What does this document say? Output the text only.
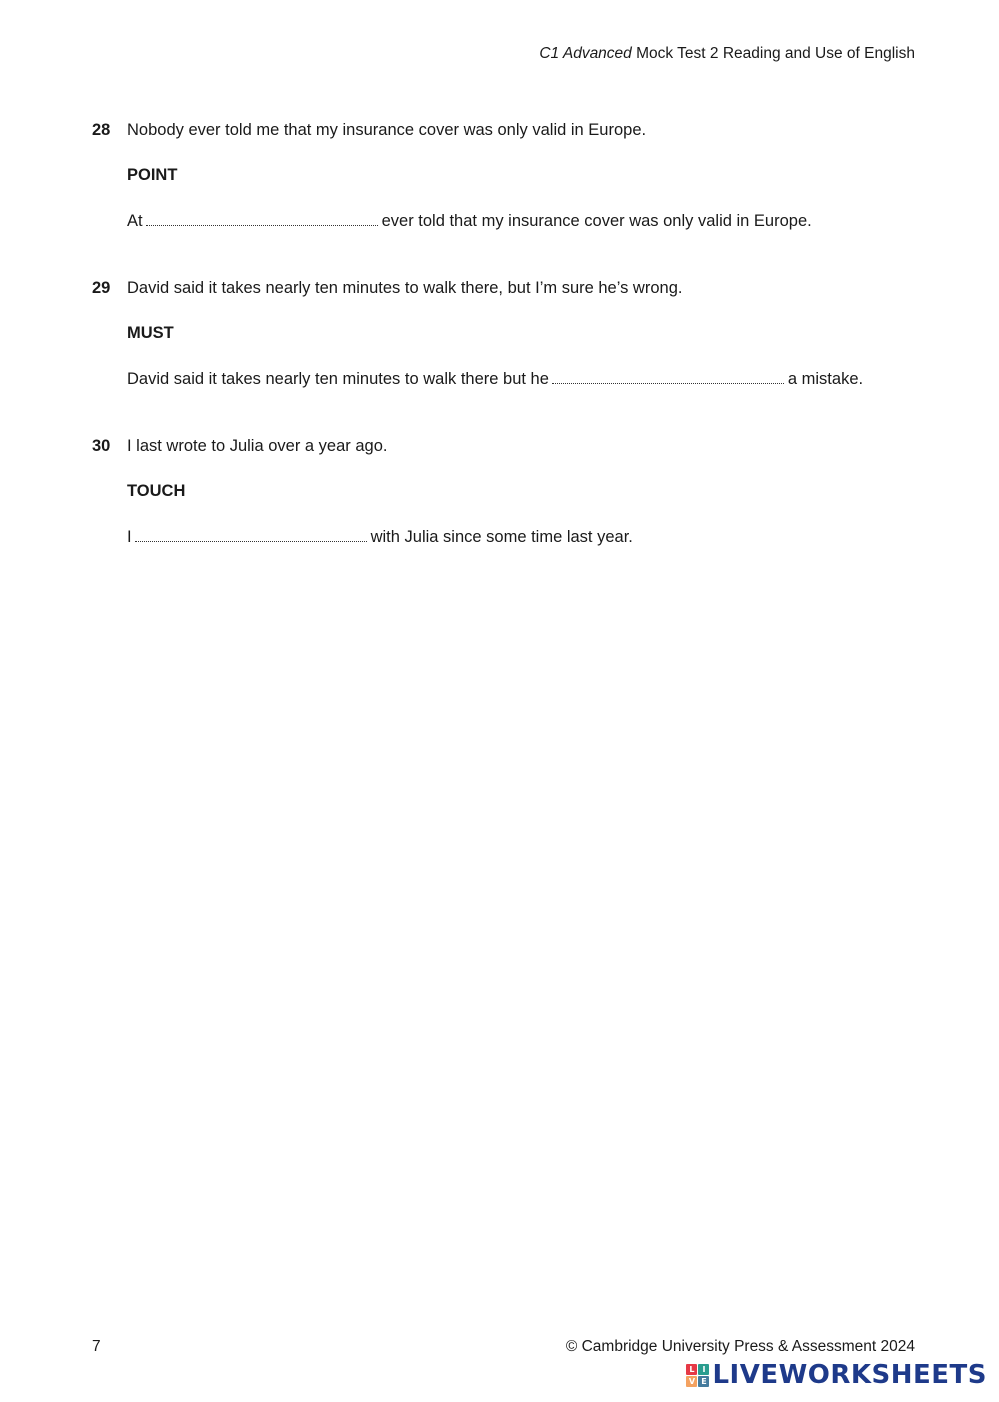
C1 Advanced Mock Test 2 Reading and Use of English
28 Nobody ever told me that my insurance cover was only valid in Europe.
POINT
At	ever told that my insurance cover was only valid in Europe.
29 David said it takes nearly ten minutes to walk there, but I’m sure he’s wrong.
MUST
David said it takes nearly ten minutes to walk there but he	a mistake.
30 I last wrote to Julia over a year ago.
TOUCH
I	with Julia since some time last year.
7	© Cambridge University Press & Assessment 2024
L I
V E LIVEWORKSHEETS
